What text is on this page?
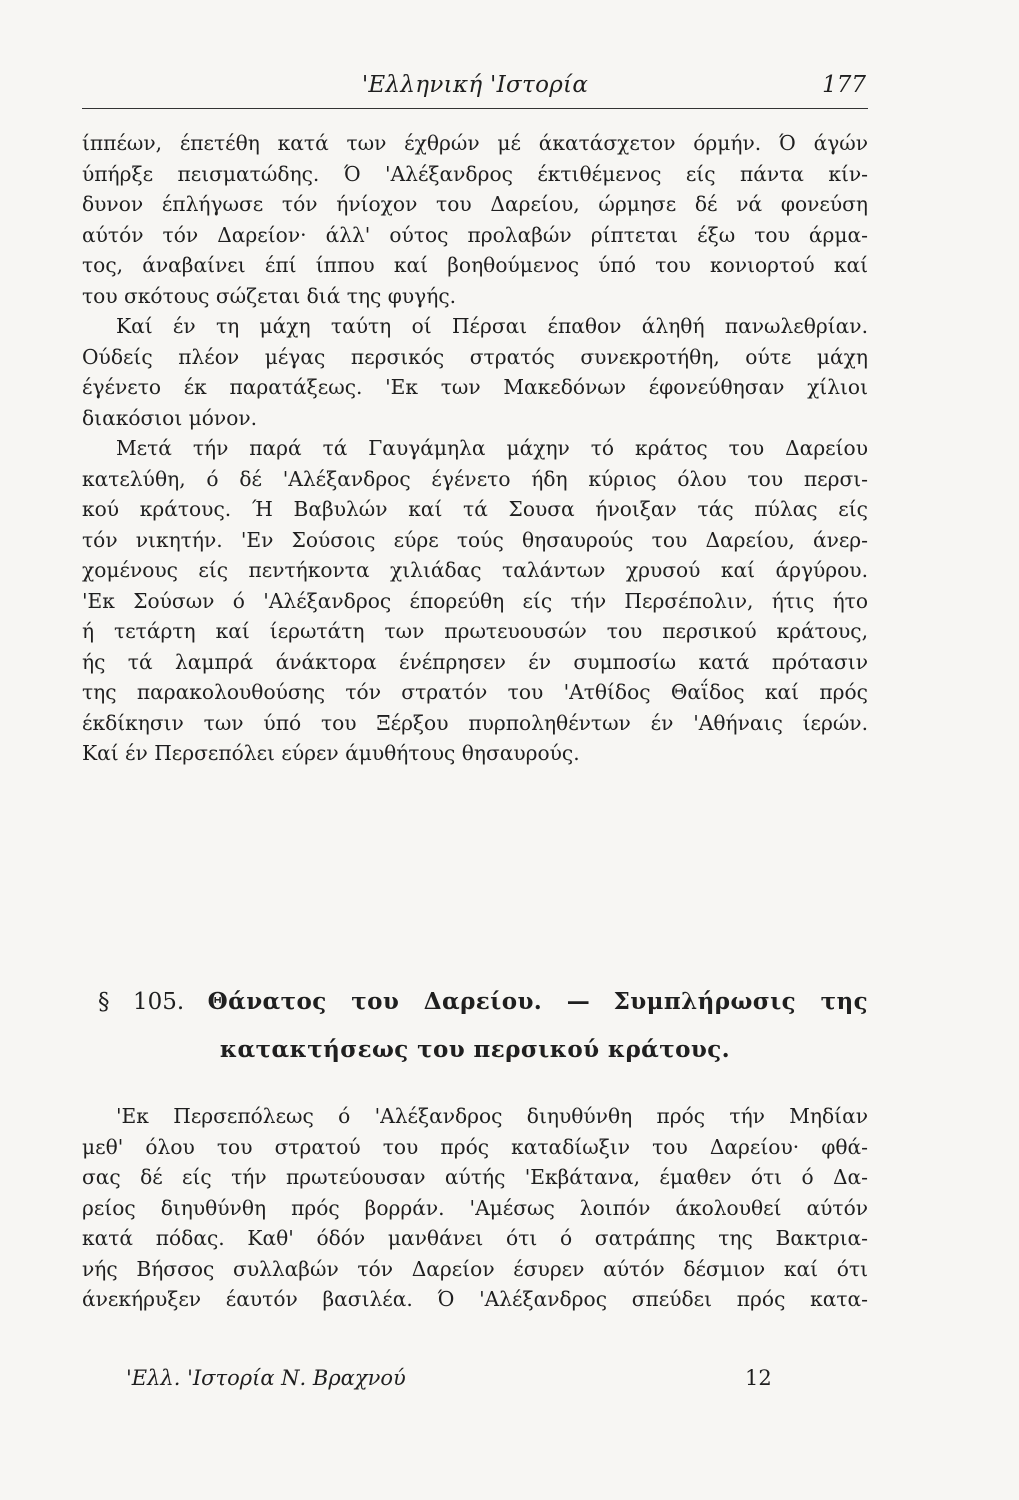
'Ελληνική 'Ιστορία	177
ίππέων, έπετέθη κατά των έχθρών μέ άκατάσχετον όρμήν. Ό άγών
ύπήρξε πεισματώδης. Ό 'Αλέξανδρος έκτιθέμενος είς πάντα κίν-
δυνον έπλήγωσε τόν ήνίοχον του Δαρείου, ώρμησε δέ νά φονεύση
αύτόν τόν Δαρείον· άλλ' ούτος προλαβών ρίπτεται έξω του άρμα-
τος, άναβαίνει έπί ίππου καί βοηθούμενος ύπό του κονιορτού καί
του σκότους σώζεται διά της φυγής.
Καί έν τη μάχη ταύτη οί Πέρσαι έπαθον άληθή πανωλεθρίαν.
Ούδείς πλέον μέγας περσικός στρατός συνεκροτήθη, ούτε μάχη
έγένετο έκ παρατάξεως. 'Εκ των Μακεδόνων έφονεύθησαν χίλιοι
διακόσιοι μόνον.
Μετά τήν παρά τά Γαυγάμηλα μάχην τό κράτος του Δαρείου
κατελύθη, ό δέ 'Αλέξανδρος έγένετο ήδη κύριος όλου του περσι-
κού κράτους. Ή Βαβυλών καί τά Σουσα ήνοιξαν τάς πύλας είς
τόν νικητήν. 'Εν Σούσοις εύρε τούς θησαυρούς του Δαρείου, άνερ-
χομένους είς πεντήκοντα χιλιάδας ταλάντων χρυσού καί άργύρου.
'Εκ Σούσων ό 'Αλέξανδρος έπορεύθη είς τήν Περσέπολιν, ήτις ήτο
ή τετάρτη καί ίερωτάτη των πρωτευουσών του περσικού κράτους,
ής τά λαμπρά άνάκτορα ένέπρησεν έν συμποσίω κατά πρότασιν
της παρακολουθούσης τόν στρατόν του 'Ατθίδος Θαΐδος καί πρός
έκδίκησιν των ύπό του Ξέρξου πυρποληθέντων έν 'Αθήναις ίερών.
Καί έν Περσεπόλει εύρεν άμυθήτους θησαυρούς.
§ 105. Θάνατος του Δαρείου. — Συμπλήρωσις της
κατακτήσεως του περσικού κράτους.
'Εκ Περσεπόλεως ό 'Αλέξανδρος διηυθύνθη πρός τήν Μηδίαν
μεθ' όλου του στρατού του πρός καταδίωξιν του Δαρείου· φθά-
σας δέ είς τήν πρωτεύουσαν αύτής 'Εκβάτανα, έμαθεν ότι ό Δα-
ρείος διηυθύνθη πρός βορράν. 'Αμέσως λοιπόν άκολουθεί αύτόν
κατά πόδας. Καθ' όδόν μανθάνει ότι ό σατράπης της Βακτρια-
νής Βήσσος συλλαβών τόν Δαρείον έσυρεν αύτόν δέσμιον καί ότι
άνεκήρυξεν έαυτόν βασιλέα. Ό 'Αλέξανδρος σπεύδει πρός κατα-
'Ελλ. 'Ιστορία Ν. Βραχνού	12
